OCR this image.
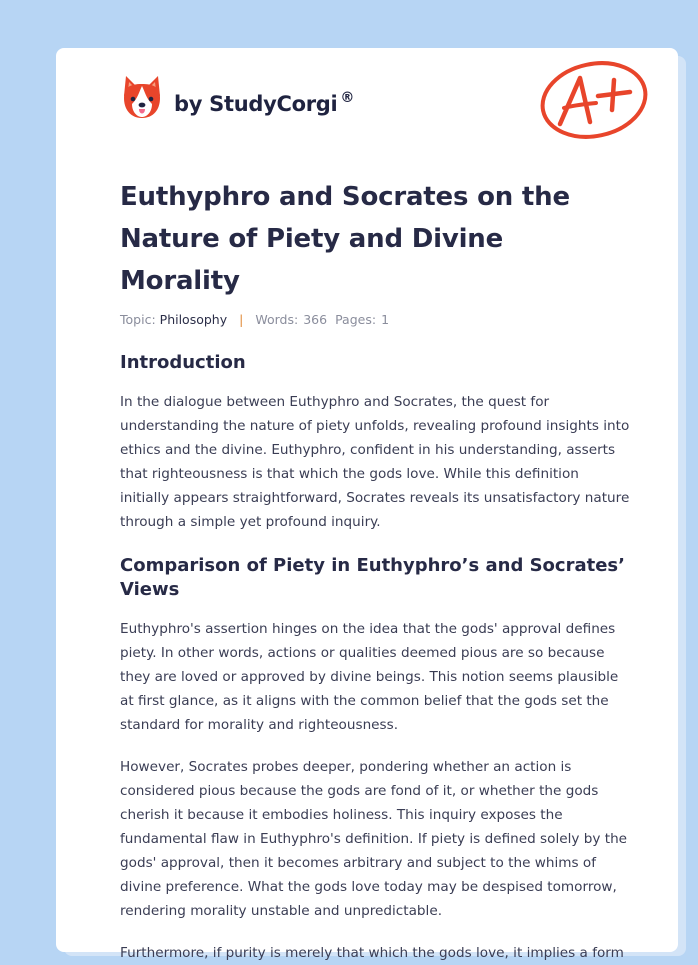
by StudyCorgi ®
Euthyphro and Socrates on the Nature of Piety and Divine Morality
Topic: Philosophy | Words: 366 Pages: 1
Introduction

In the dialogue between Euthyphro and Socrates, the quest for understanding the nature of piety unfolds, revealing profound insights into ethics and the divine. Euthyphro, confident in his understanding, asserts that righteousness is that which the gods love. While this definition initially appears straightforward, Socrates reveals its unsatisfactory nature through a simple yet profound inquiry.

Comparison of Piety in Euthyphro’s and Socrates’ Views

Euthyphro's assertion hinges on the idea that the gods' approval defines piety. In other words, actions or qualities deemed pious are so because they are loved or approved by divine beings. This notion seems plausible at first glance, as it aligns with the common belief that the gods set the standard for morality and righteousness.

However, Socrates probes deeper, pondering whether an action is considered pious because the gods are fond of it, or whether the gods cherish it because it embodies holiness. This inquiry exposes the fundamental flaw in Euthyphro's definition. If piety is defined solely by the gods' approval, then it becomes arbitrary and subject to the whims of divine preference. What the gods love today may be despised tomorrow, rendering morality unstable and unpredictable.

Furthermore, if purity is merely that which the gods love, it implies a form
